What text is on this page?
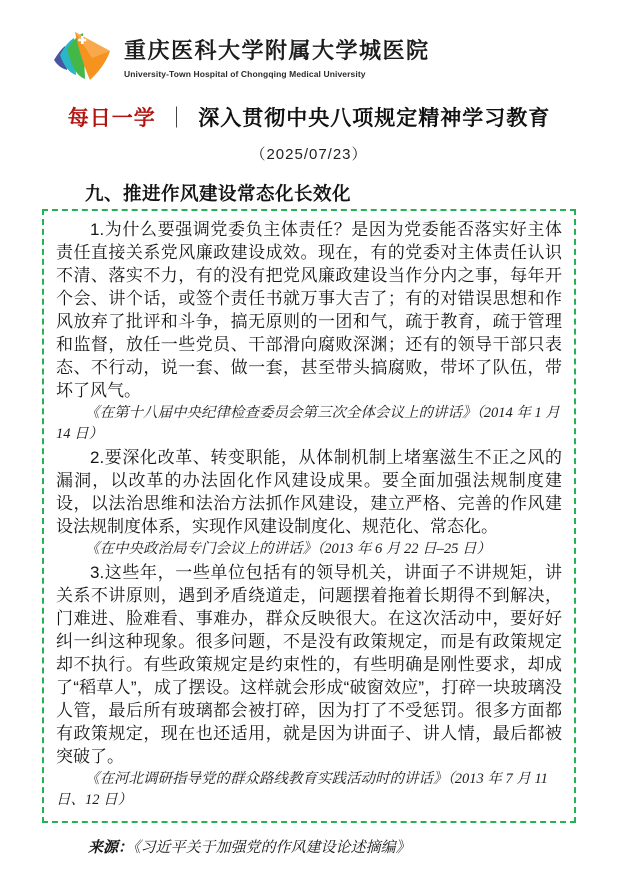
重庆医科大学附属大学城医院
University-Town Hospital of Chongqing Medical University
每日一学 ｜ 深入贯彻中央八项规定精神学习教育
（2025/07/23）
九、推进作风建设常态化长效化

1.为什么要强调党委负主体责任？是因为党委能否落实好主体责任直接关系党风廉政建设成效。现在，有的党委对主体责任认识不清、落实不力，有的没有把党风廉政建设当作分内之事，每年开个会、讲个话，或签个责任书就万事大吉了；有的对错误思想和作风放弃了批评和斗争，搞无原则的一团和气，疏于教育，疏于管理和监督，放任一些党员、干部滑向腐败深渊；还有的领导干部只表态、不行动，说一套、做一套，甚至带头搞腐败，带坏了队伍，带坏了风气。

《在第十八届中央纪律检查委员会第三次全体会议上的讲话》（2014 年 1 月 14 日）

2.要深化改革、转变职能，从体制机制上堵塞滋生不正之风的漏洞，以改革的办法固化作风建设成果。要全面加强法规制度建设，以法治思维和法治方法抓作风建设，建立严格、完善的作风建设法规制度体系，实现作风建设制度化、规范化、常态化。

《在中央政治局专门会议上的讲话》（2013 年 6 月 22 日–25 日）

3.这些年，一些单位包括有的领导机关，讲面子不讲规矩，讲关系不讲原则，遇到矛盾绕道走，问题摆着拖着长期得不到解决，门难进、脸难看、事难办，群众反映很大。在这次活动中，要好好纠一纠这种现象。很多问题，不是没有政策规定，而是有政策规定却不执行。有些政策规定是约束性的，有些明确是刚性要求，却成了“稻草人”，成了摆设。这样就会形成“破窗效应”，打碎一块玻璃没人管，最后所有玻璃都会被打碎，因为打了不受惩罚。很多方面都有政策规定，现在也还适用，就是因为讲面子、讲人情，最后都被突破了。

《在河北调研指导党的群众路线教育实践活动时的讲话》（2013 年 7 月 11 日、12 日）

来源：《习近平关于加强党的作风建设论述摘编》
